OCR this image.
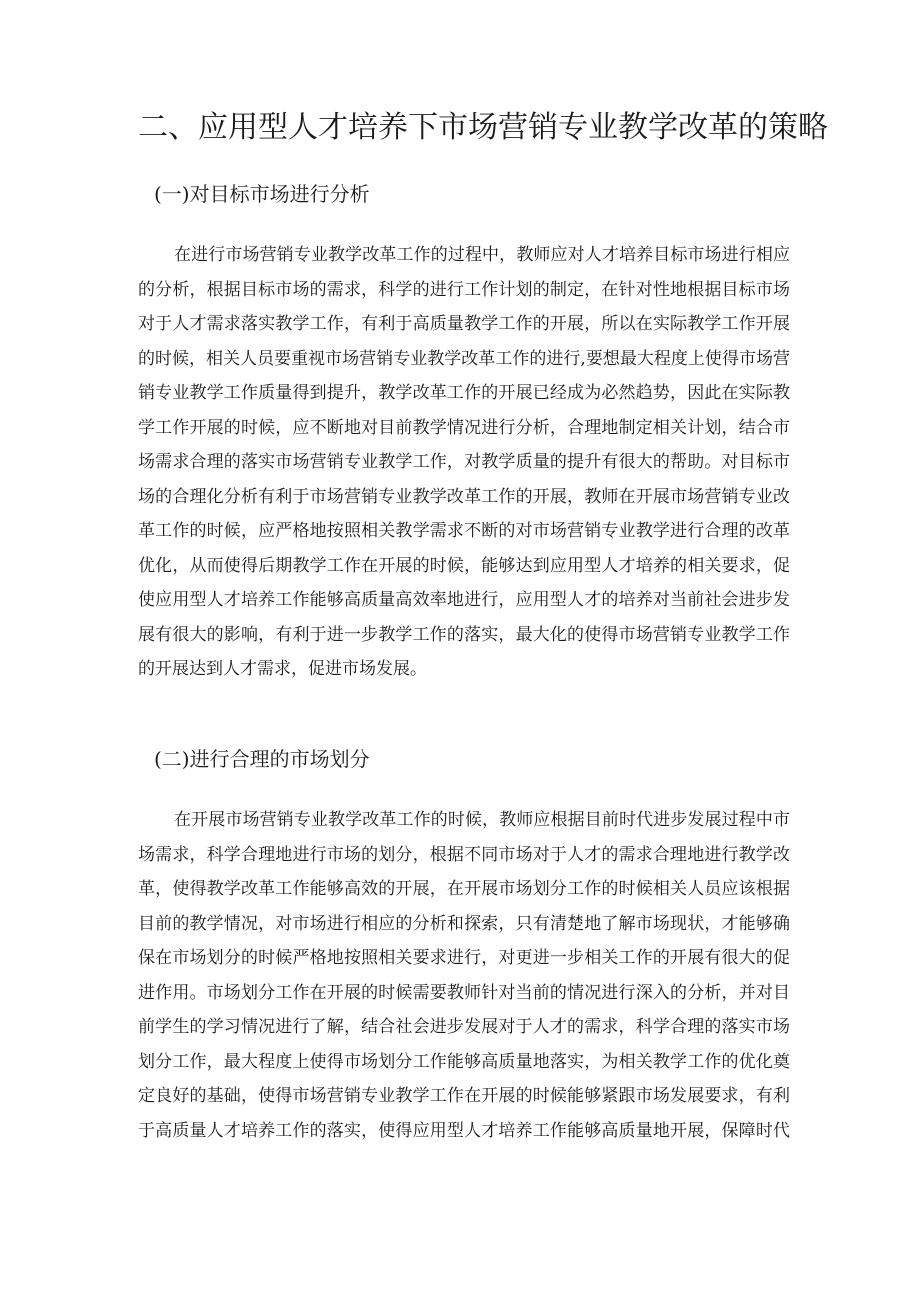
二、应用型人才培养下市场营销专业教学改革的策略
(一)对目标市场进行分析
在进行市场营销专业教学改革工作的过程中，教师应对人才培养目标市场进行相应
的分析，根据目标市场的需求，科学的进行工作计划的制定，在针对性地根据目标市场
对于人才需求落实教学工作，有利于高质量教学工作的开展，所以在实际教学工作开展
的时候，相关人员要重视市场营销专业教学改革工作的进行,要想最大程度上使得市场营
销专业教学工作质量得到提升，教学改革工作的开展已经成为必然趋势，因此在实际教
学工作开展的时候，应不断地对目前教学情况进行分析，合理地制定相关计划，结合市
场需求合理的落实市场营销专业教学工作，对教学质量的提升有很大的帮助。对目标市
场的合理化分析有利于市场营销专业教学改革工作的开展，教师在开展市场营销专业改
革工作的时候，应严格地按照相关教学需求不断的对市场营销专业教学进行合理的改革
优化，从而使得后期教学工作在开展的时候，能够达到应用型人才培养的相关要求，促
使应用型人才培养工作能够高质量高效率地进行，应用型人才的培养对当前社会进步发
展有很大的影响，有利于进一步教学工作的落实，最大化的使得市场营销专业教学工作
的开展达到人才需求，促进市场发展。
(二)进行合理的市场划分
在开展市场营销专业教学改革工作的时候，教师应根据目前时代进步发展过程中市
场需求，科学合理地进行市场的划分，根据不同市场对于人才的需求合理地进行教学改
革，使得教学改革工作能够高效的开展，在开展市场划分工作的时候相关人员应该根据
目前的教学情况，对市场进行相应的分析和探索，只有清楚地了解市场现状，才能够确
保在市场划分的时候严格地按照相关要求进行，对更进一步相关工作的开展有很大的促
进作用。市场划分工作在开展的时候需要教师针对当前的情况进行深入的分析，并对目
前学生的学习情况进行了解，结合社会进步发展对于人才的需求，科学合理的落实市场
划分工作，最大程度上使得市场划分工作能够高质量地落实，为相关教学工作的优化奠
定良好的基础，使得市场营销专业教学工作在开展的时候能够紧跟市场发展要求，有利
于高质量人才培养工作的落实，使得应用型人才培养工作能够高质量地开展，保障时代
